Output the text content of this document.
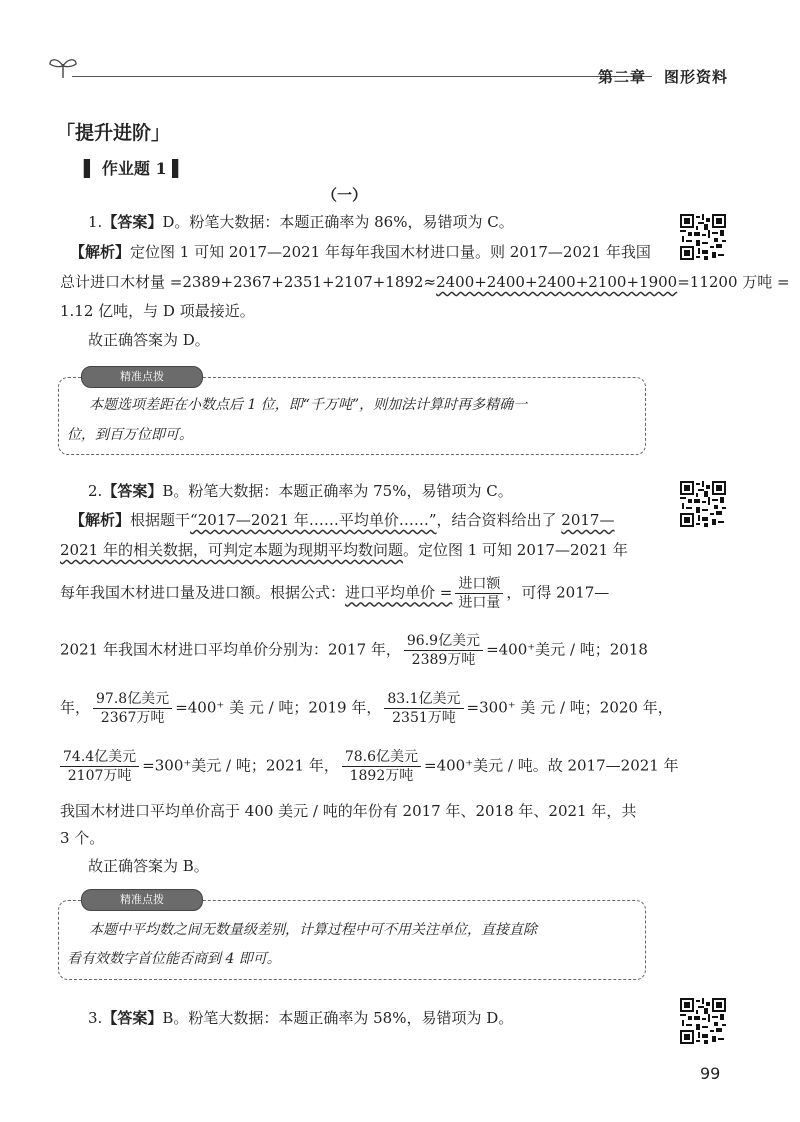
第二章 图形资料
「提升进阶」
▌ 作业题 1 ▌
（一）
1.【答案】D。粉笔大数据：本题正确率为 86%，易错项为 C。
【解析】定位图 1 可知 2017—2021 年每年我国木材进口量。则 2017—2021 年我国
总计进口木材量 =2389+2367+2351+2107+1892≈2400+2400+2400+2100+1900=11200 万吨 =
1.12 亿吨，与 D 项最接近。
故正确答案为 D。
精准点拨
本题选项差距在小数点后 1 位，即“千万吨”，则加法计算时再多精确一
位，到百万位即可。
2.【答案】B。粉笔大数据：本题正确率为 75%，易错项为 C。
【解析】根据题干“2017—2021 年……平均单价……”，结合资料给出了 2017—
2021 年的相关数据，可判定本题为现期平均数问题。定位图 1 可知 2017—2021 年
每年我国木材进口量及进口额。根据公式：进口平均单价 = $\frac{\text{进口额}}{\text{进口量}}$ ，可得 2017—
2021 年我国木材进口平均单价分别为：2017 年， $\frac{\text{96.9亿美元}}{\text{2389万吨}} =400^+$美元 / 吨；2018
年， $\frac{\text{97.8亿美元}}{\text{2367万吨}} =400^+$ 美 元 / 吨；2019 年， $\frac{\text{83.1亿美元}}{\text{2351万吨}} =300^+$ 美 元 / 吨；2020 年，
$\frac{\text{74.4亿美元}}{\text{2107万吨}} =300^+$美元 / 吨；2021 年， $\frac{\text{78.6亿美元}}{\text{1892万吨}} =400^+$美元 / 吨。故 2017—2021 年
我国木材进口平均单价高于 400 美元 / 吨的年份有 2017 年、2018 年、2021 年，共
3 个。
故正确答案为 B。
精准点拨
本题中平均数之间无数量级差别，计算过程中可不用关注单位，直接直除
看有效数字首位能否商到 4 即可。
3.【答案】B。粉笔大数据：本题正确率为 58%，易错项为 D。
99
